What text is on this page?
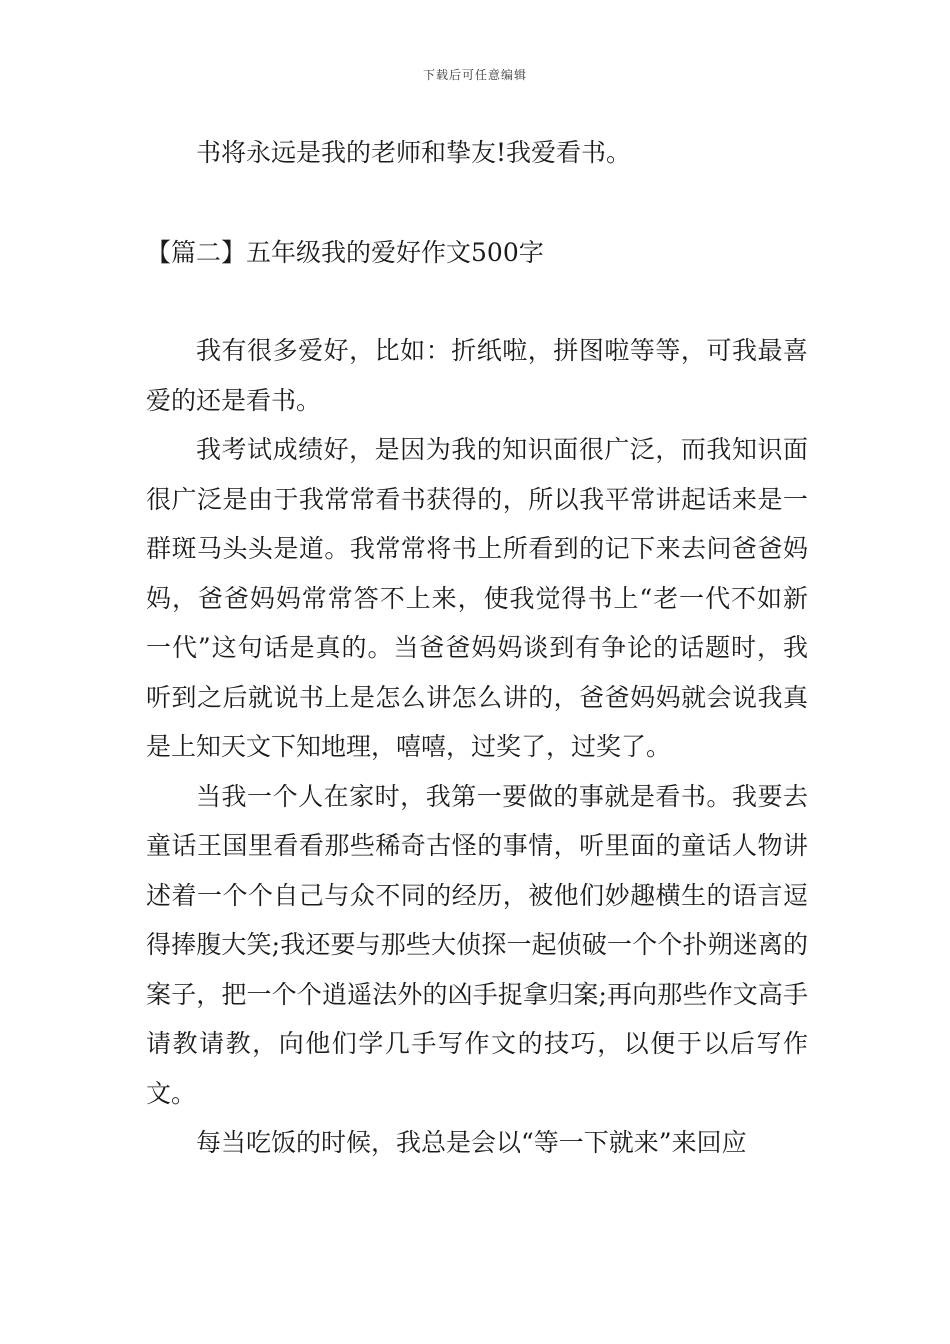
下载后可任意编辑

书将永远是我的老师和挚友!我爱看书。

【篇二】五年级我的爱好作文500字

我有很多爱好，比如：折纸啦，拼图啦等等，可我最喜爱的还是看书。

我考试成绩好，是因为我的知识面很广泛，而我知识面很广泛是由于我常常看书获得的，所以我平常讲起话来是一群斑马头头是道。我常常将书上所看到的记下来去问爸爸妈妈，爸爸妈妈常常答不上来，使我觉得书上“老一代不如新一代”这句话是真的。当爸爸妈妈谈到有争论的话题时，我听到之后就说书上是怎么讲怎么讲的，爸爸妈妈就会说我真是上知天文下知地理，嘻嘻，过奖了，过奖了。

当我一个人在家时，我第一要做的事就是看书。我要去童话王国里看看那些稀奇古怪的事情，听里面的童话人物讲述着一个个自己与众不同的经历，被他们妙趣横生的语言逗得捧腹大笑;我还要与那些大侦探一起侦破一个个扑朔迷离的案子，把一个个逍遥法外的凶手捉拿归案;再向那些作文高手请教请教，向他们学几手写作文的技巧，以便于以后写作文。

每当吃饭的时候，我总是会以“等一下就来”来回应
